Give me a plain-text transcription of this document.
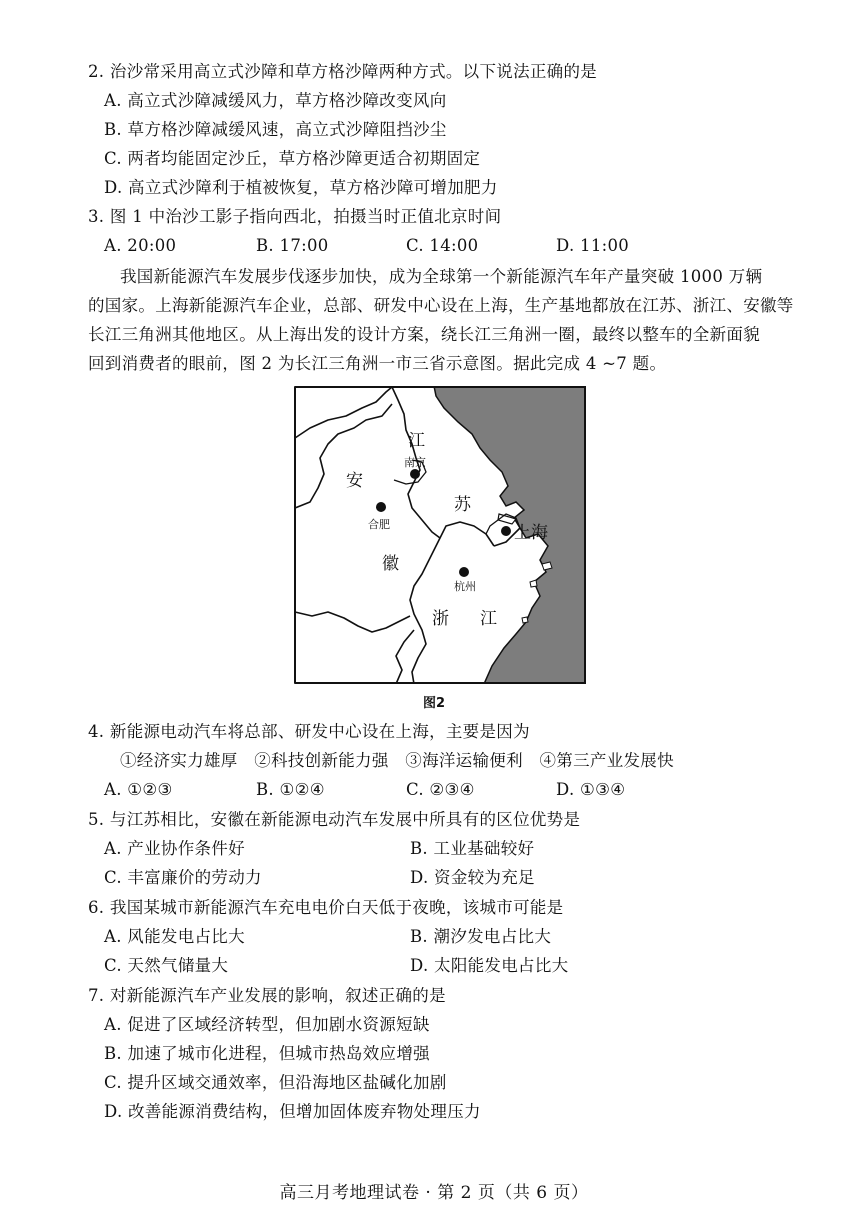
2. 治沙常采用高立式沙障和草方格沙障两种方式。以下说法正确的是
A. 高立式沙障减缓风力，草方格沙障改变风向
B. 草方格沙障减缓风速，高立式沙障阻挡沙尘
C. 两者均能固定沙丘，草方格沙障更适合初期固定
D. 高立式沙障利于植被恢复，草方格沙障可增加肥力
3. 图 1 中治沙工影子指向西北，拍摄当时正值北京时间
A. 20:00	B. 17:00	C. 14:00	D. 11:00
我国新能源汽车发展步伐逐步加快，成为全球第一个新能源汽车年产量突破 1000 万辆
的国家。上海新能源汽车企业，总部、研发中心设在上海，生产基地都放在江苏、浙江、安徽等
长江三角洲其他地区。从上海出发的设计方案，绕长江三角洲一圈，最终以整车的全新面貌
回到消费者的眼前，图 2 为长江三角洲一市三省示意图。据此完成 4 ~7 题。
江
南京
安
苏
合肥	上海
徽
杭州
浙 江
图2
4. 新能源电动汽车将总部、研发中心设在上海，主要是因为
①经济实力雄厚   ②科技创新能力强   ③海洋运输便利   ④第三产业发展快
A. ①②③	B. ①②④	C. ②③④	D. ①③④
5. 与江苏相比，安徽在新能源电动汽车发展中所具有的区位优势是
A. 产业协作条件好	B. 工业基础较好
C. 丰富廉价的劳动力	D. 资金较为充足
6. 我国某城市新能源汽车充电电价白天低于夜晚，该城市可能是
A. 风能发电占比大	B. 潮汐发电占比大
C. 天然气储量大	D. 太阳能发电占比大
7. 对新能源汽车产业发展的影响，叙述正确的是
A. 促进了区域经济转型，但加剧水资源短缺
B. 加速了城市化进程，但城市热岛效应增强
C. 提升区域交通效率，但沿海地区盐碱化加剧
D. 改善能源消费结构，但增加固体废弃物处理压力
高三月考地理试卷 · 第 2 页（共 6 页）
